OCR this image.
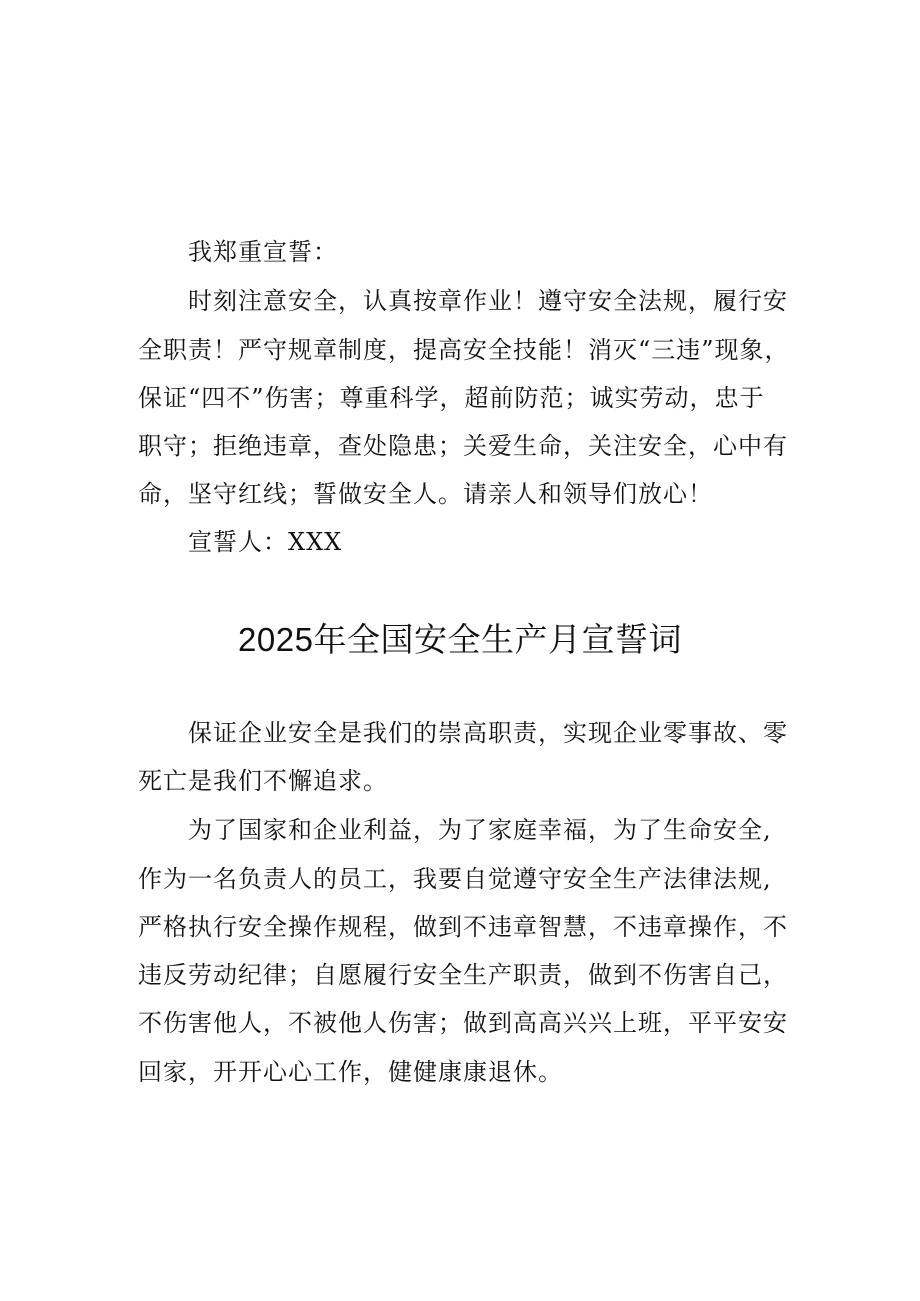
我郑重宣誓：
时刻注意安全，认真按章作业！遵守安全法规，履行安
全职责！严守规章制度，提高安全技能！消灭“三违”现象，
保证“四不”伤害；尊重科学，超前防范；诚实劳动，忠于
职守；拒绝违章，查处隐患；关爱生命，关注安全，心中有
命，坚守红线；誓做安全人。请亲人和领导们放心！
宣誓人：XXX
2025年全国安全生产月宣誓词
保证企业安全是我们的崇高职责，实现企业零事故、零
死亡是我们不懈追求。
为了国家和企业利益，为了家庭幸福，为了生命安全,
作为一名负责人的员工，我要自觉遵守安全生产法律法规,
严格执行安全操作规程，做到不违章智慧，不违章操作，不
违反劳动纪律；自愿履行安全生产职责，做到不伤害自己，
不伤害他人，不被他人伤害；做到高高兴兴上班，平平安安
回家，开开心心工作，健健康康退休。
